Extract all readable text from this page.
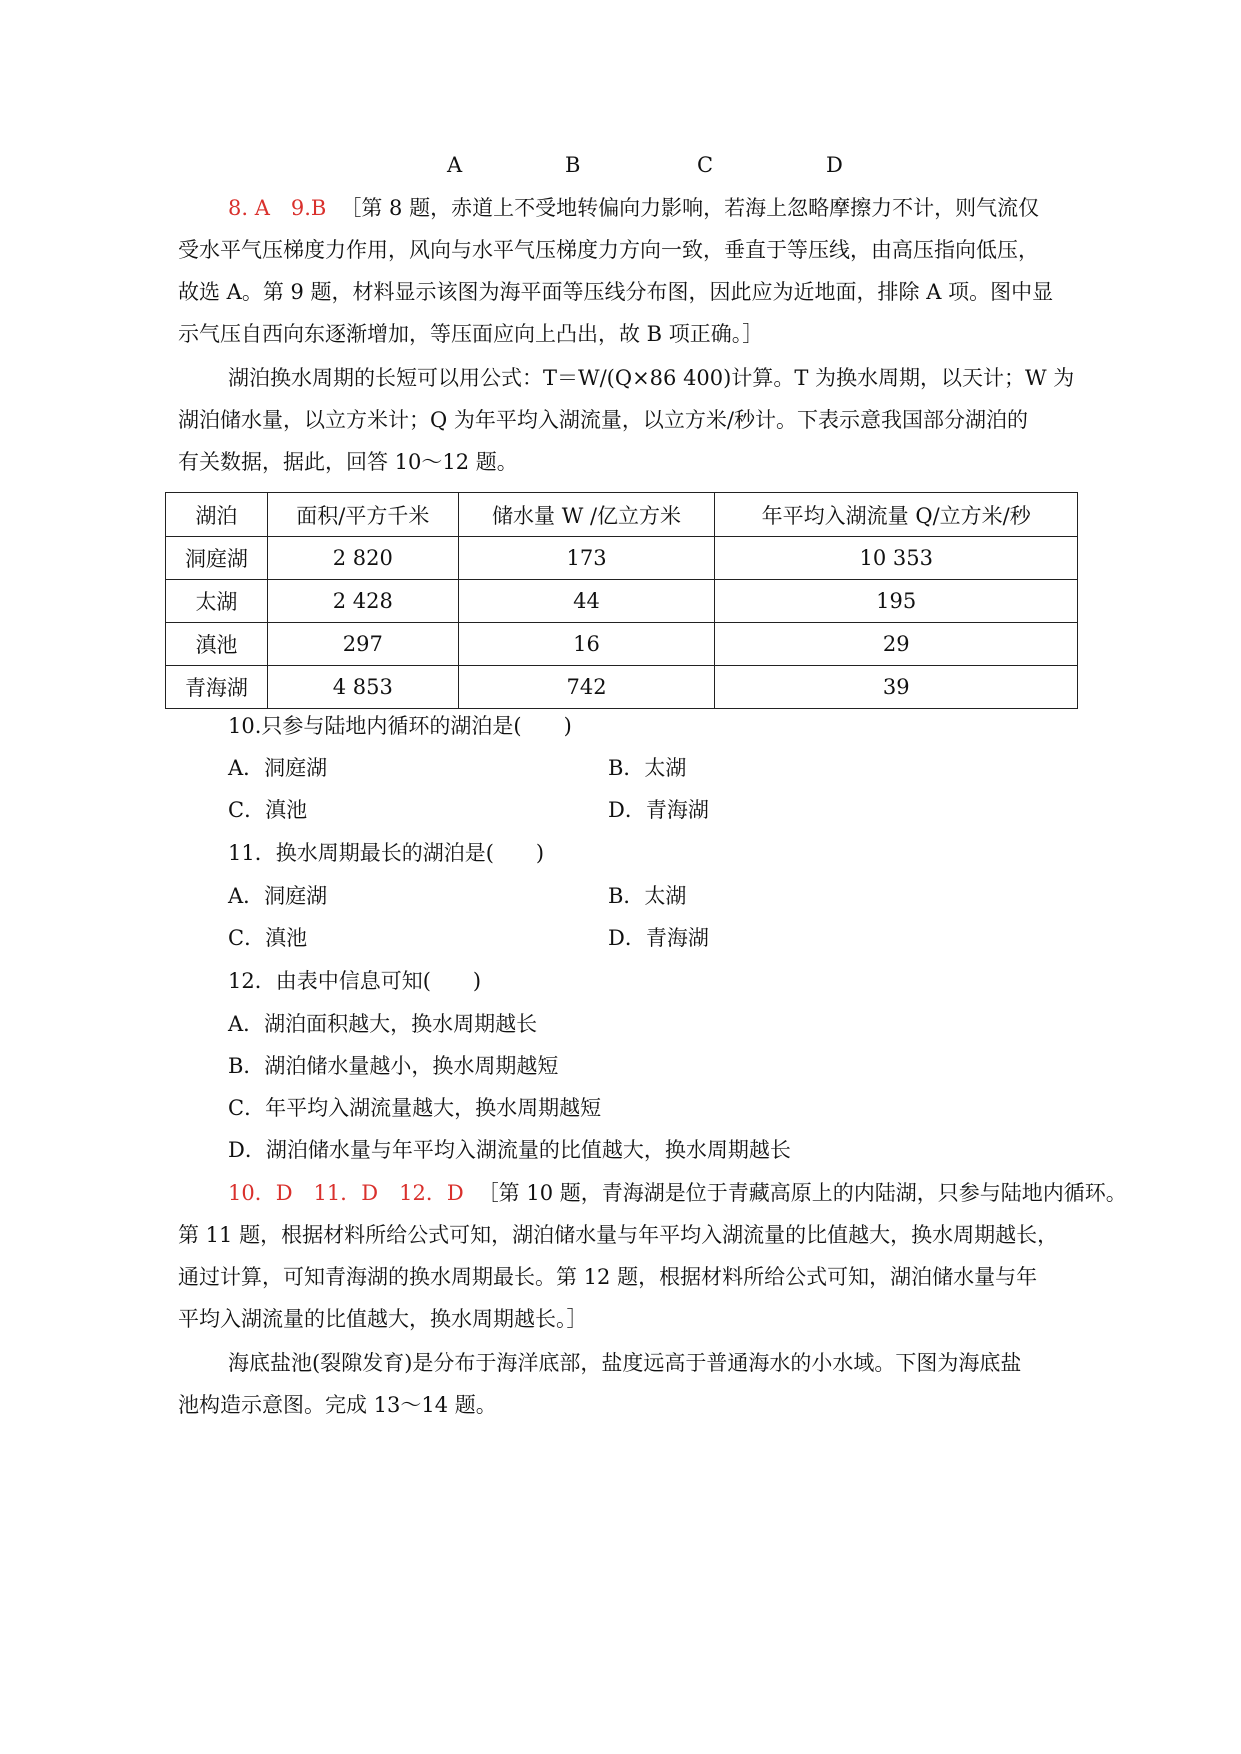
A	B	C	D
8. A　9.B ［第 8 题，赤道上不受地转偏向力影响，若海上忽略摩擦力不计，则气流仅
受水平气压梯度力作用，风向与水平气压梯度力方向一致，垂直于等压线，由高压指向低压，
故选 A。第 9 题，材料显示该图为海平面等压线分布图，因此应为近地面，排除 A 项。图中显
示气压自西向东逐渐增加，等压面应向上凸出，故 B 项正确。］
湖泊换水周期的长短可以用公式：T＝W/(Q×86 400)计算。T 为换水周期，以天计；W 为
湖泊储水量，以立方米计；Q 为年平均入湖流量，以立方米/秒计。下表示意我国部分湖泊的
有关数据，据此，回答 10～12 题。
湖泊	面积/平方千米	储水量 W /亿立方米	年平均入湖流量 Q/立方米/秒
洞庭湖	2 820	173	10 353
太湖	2 428	44	195
滇池	297	16	29
青海湖	4 853	742	39
10.只参与陆地内循环的湖泊是(　　)
A．洞庭湖	B．太湖
C．滇池	D．青海湖
11．换水周期最长的湖泊是(　　)
A．洞庭湖	B．太湖
C．滇池	D．青海湖
12．由表中信息可知(　　)
A．湖泊面积越大，换水周期越长
B．湖泊储水量越小，换水周期越短
C．年平均入湖流量越大，换水周期越短
D．湖泊储水量与年平均入湖流量的比值越大，换水周期越长
10．D　11．D　12．D ［第 10 题，青海湖是位于青藏高原上的内陆湖，只参与陆地内循环。
第 11 题，根据材料所给公式可知，湖泊储水量与年平均入湖流量的比值越大，换水周期越长，
通过计算，可知青海湖的换水周期最长。第 12 题，根据材料所给公式可知，湖泊储水量与年
平均入湖流量的比值越大，换水周期越长。］
海底盐池(裂隙发育)是分布于海洋底部，盐度远高于普通海水的小水域。下图为海底盐
池构造示意图。完成 13～14 题。
